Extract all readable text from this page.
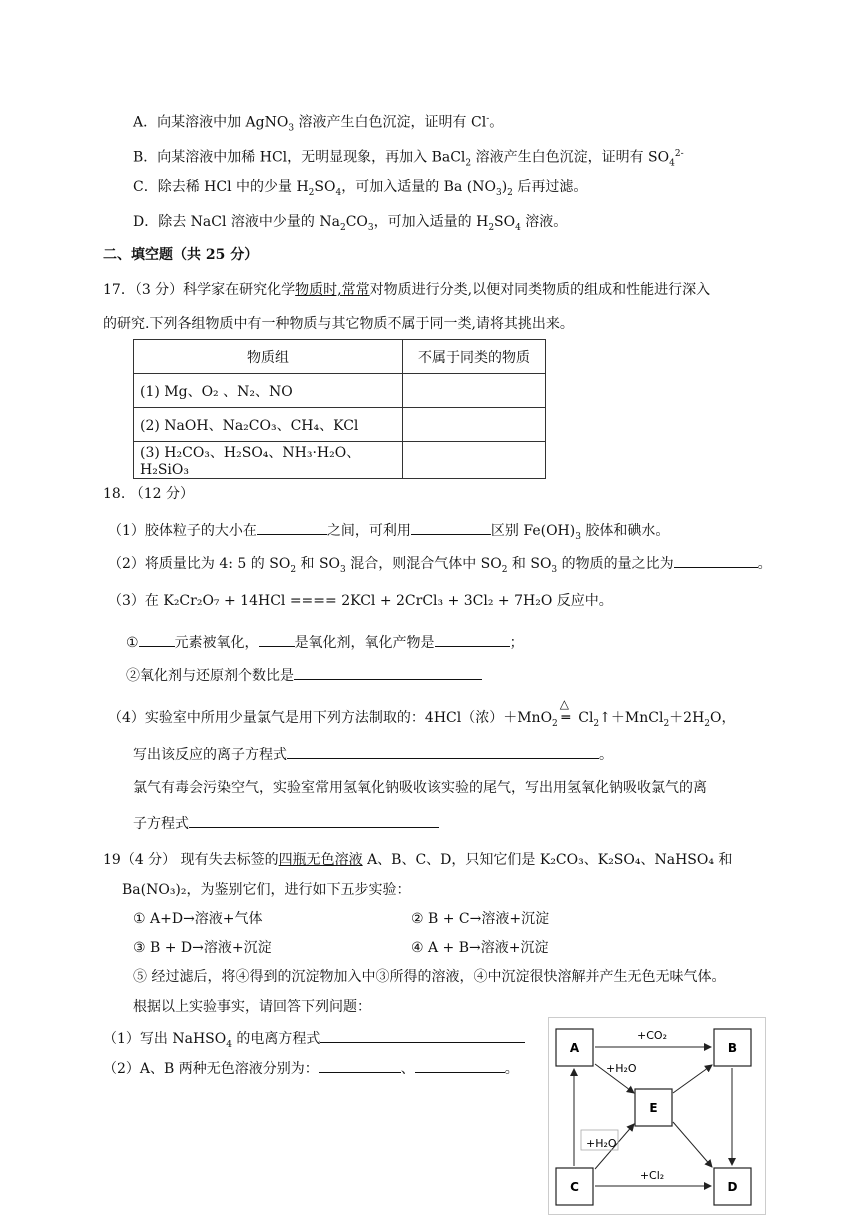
A．向某溶液中加 AgNO$_3$ 溶液产生白色沉淀，证明有 Cl-。
B．向某溶液中加稀 HCl，无明显现象，再加入 BaCl$_2$ 溶液产生白色沉淀，证明有 $SO_4^{2-}$
C．除去稀 HCl 中的少量 $H_2SO_4$，可加入适量的 Ba $(NO_3)_2$ 后再过滤。
D．除去 NaCl 溶液中少量的 $Na_2CO_3$，可加入适量的 $H_2SO_4$ 溶液。
二、填空题（共 25 分）
17．（3 分）科学家在研究化学物质时,常常对物质进行分类,以便对同类物质的组成和性能进行深入
的研究.下列各组物质中有一种物质与其它物质不属于同一类,请将其挑出来。
物质组	不属于同类的物质
(1) Mg、O₂ 、N₂、NO	
(2) NaOH、Na₂CO₃、CH₄、KCl	
(3) H₂CO₃、H₂SO₄、NH₃·H₂O、H₂SiO₃	
18. （12 分）
（1）胶体粒子的大小在	之间，可利用	区别 $Fe(OH)_3$ 胶体和碘水。
（2）将质量比为 4: 5 的 $SO_2$ 和 $SO_3$ 混合，则混合气体中 $SO_2$ 和 $SO_3$ 的物质的量之比为	。
（3）在 K₂Cr₂O₇ + 14HCl ==== 2KCl + 2CrCl₃ + 3Cl₂ + 7H₂O 反应中。
①	元素被氧化，	是氧化剂，氧化产物是	；
②氧化剂与还原剂个数比是
（4）实验室中所用少量氯气是用下列方法制取的：4HCl（浓）＋MnO$_2$
△
═ $Cl_2↑+MnCl_2+2H_2O$，
写出该反应的离子方程式	。
氯气有毒会污染空气，实验室常用氢氧化钠吸收该实验的尾气，写出用氢氧化钠吸收氯气的离
子方程式
19（4 分） 现有失去标签的四瓶无色溶液 A、B、C、D，只知它们是 K₂CO₃、K₂SO₄、NaHSO₄ 和
Ba(NO₃)₂，为鉴别它们，进行如下五步实验：
① A+D→溶液+气体	② B + C→溶液+沉淀
③ B + D→溶液+沉淀	④ A + B→溶液+沉淀
⑤ 经过滤后，将④得到的沉淀物加入中③所得的溶液，④中沉淀很快溶解并产生无色无味气体。
根据以上实验事实，请回答下列问题：
（1）写出 NaHSO$_4$ 的电离方程式
（2）A、B 两种无色溶液分别为：	、	。
A	B
C	D
E
+CO₂
+H₂O
+H₂O
+Cl₂
